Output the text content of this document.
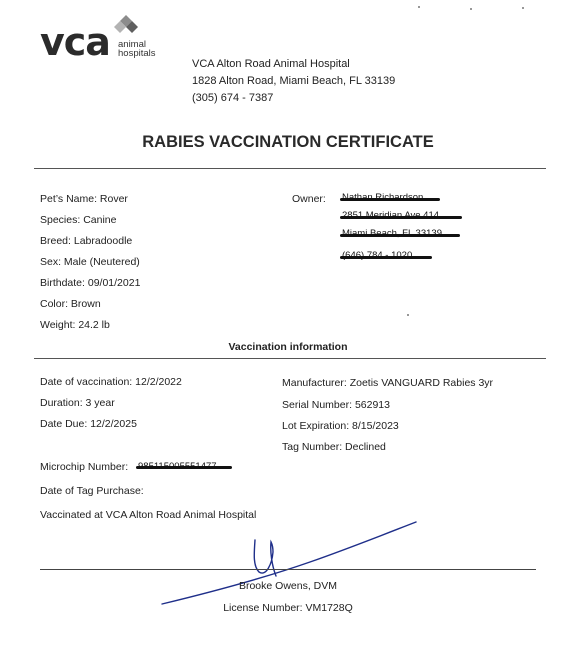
vca animal
hospitals
VCA Alton Road Animal Hospital
1828 Alton Road, Miami Beach, FL 33139
(305) 674 - 7387
RABIES VACCINATION CERTIFICATE
Pet’s Name: Rover
Species: Canine
Breed: Labradoodle
Sex: Male (Neutered)
Birthdate: 09/01/2021
Color: Brown
Weight: 24.2 lb
Owner:
Vaccination information
Date of vaccination: 12/2/2022
Duration: 3 year
Date Due: 12/2/2025
Manufacturer: Zoetis VANGUARD Rabies 3yr
Serial Number: 562913
Lot Expiration: 8/15/2023
Tag Number: Declined
Microchip Number:
Date of Tag Purchase:
Vaccinated at VCA Alton Road Animal Hospital
Brooke Owens, DVM
License Number: VM1728Q
